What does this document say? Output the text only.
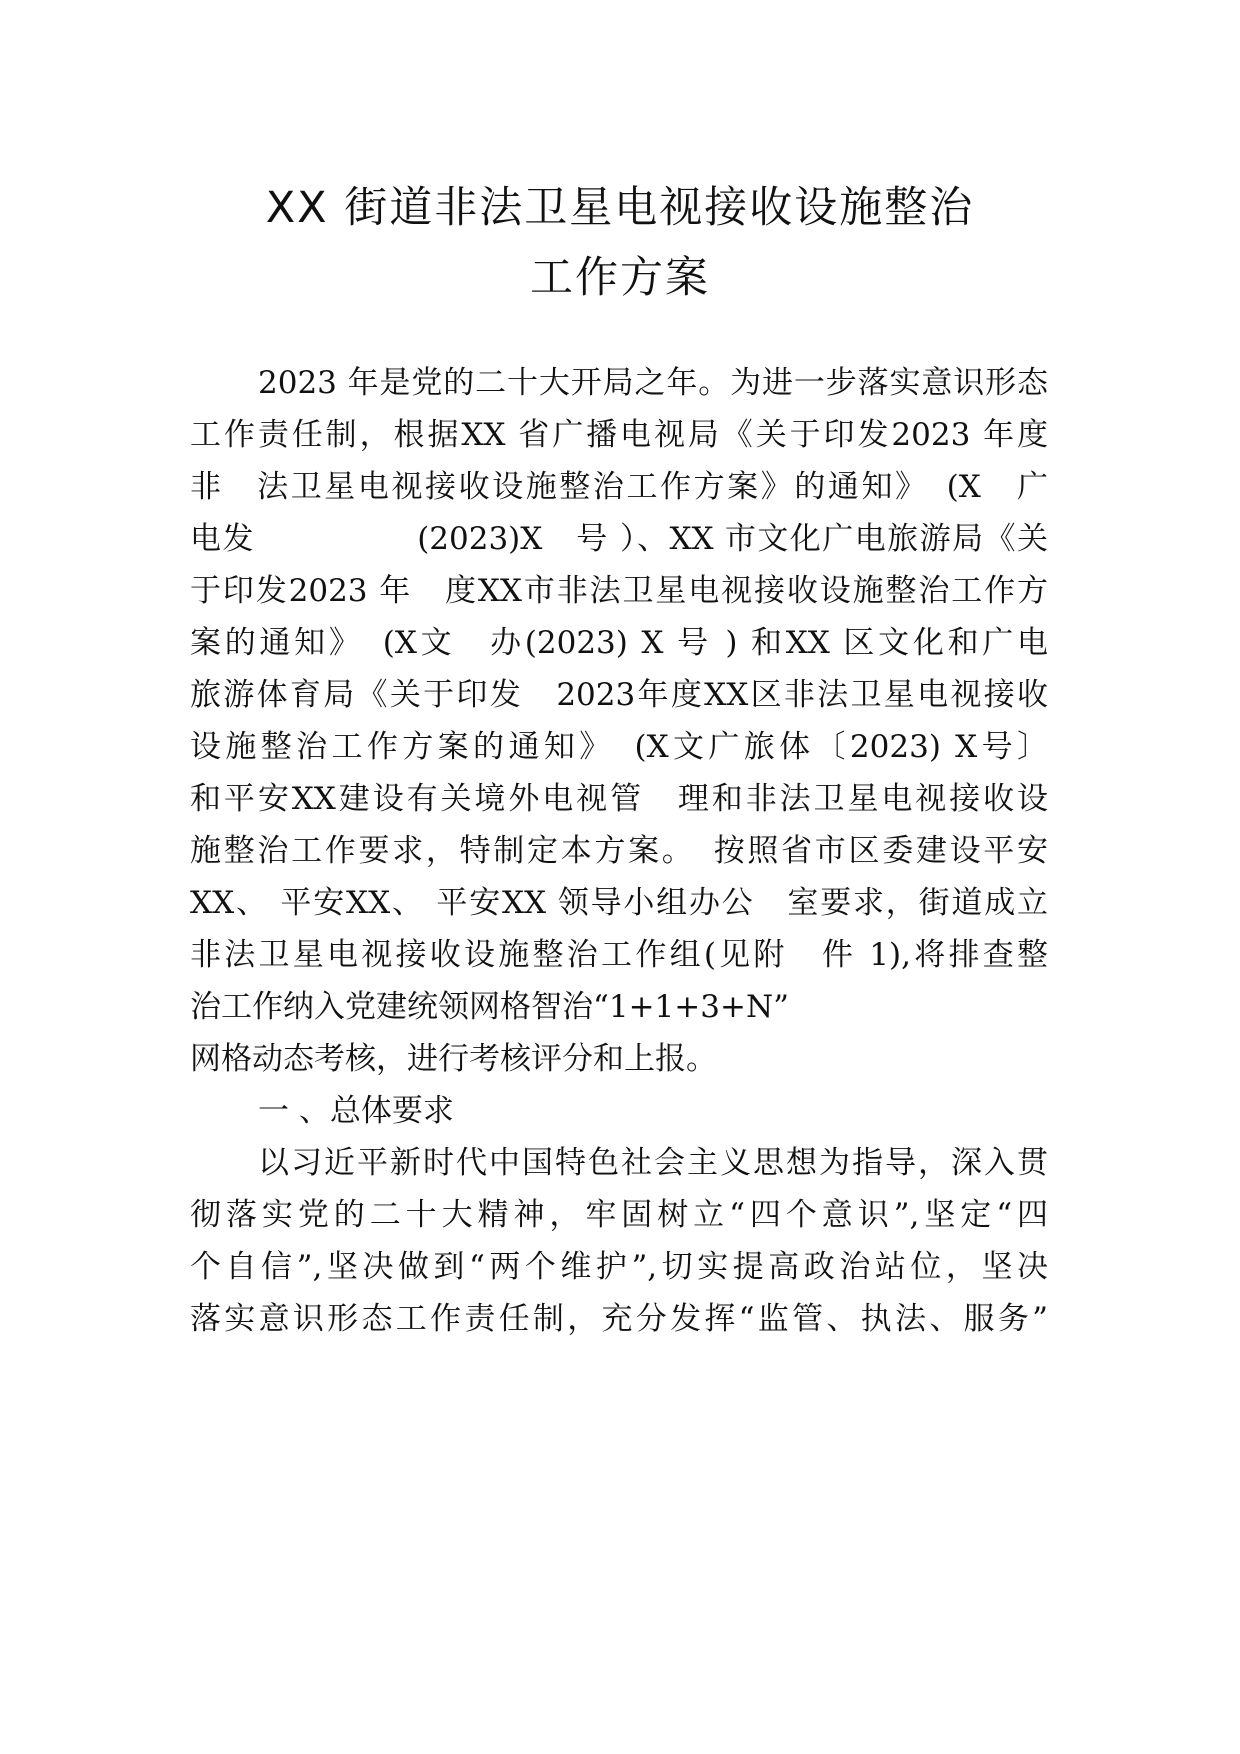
XX 街道非法卫星电视接收设施整治
工作方案
2023 年是党的二十大开局之年。为进一步落实意识形态
工作责任制，根据XX 省广播电视局《关于印发2023 年度
非　法卫星电视接收设施整治工作方案》的通知》　(X　广
电发　　　　　(2023)X　号 ）、XX 市文化广电旅游局《关
于印发2023 年　度XX市非法卫星电视接收设施整治工作方
案的通知》　(X文　办(2023) X 号 ) 和XX 区文化和广电
旅游体育局《关于印发　2023年度XX区非法卫星电视接收
设施整治工作方案的通知》　(X文广旅体〔2023) X号〕
和平安XX建设有关境外电视管　理和非法卫星电视接收设
施整治工作要求，特制定本方案。　按照省市区委建设平安
XX、 平安XX、 平安XX 领导小组办公　室要求，街道成立
非法卫星电视接收设施整治工作组(见附　件 1),将排查整
治工作纳入党建统领网格智治“1+1+3+N”
网格动态考核，进行考核评分和上报。
一 、总体要求
以习近平新时代中国特色社会主义思想为指导，深入贯
彻落实党的二十大精神，牢固树立“四个意识”,坚定“四
个自信”,坚决做到“两个维护”,切实提高政治站位，坚决
落实意识形态工作责任制，充分发挥“监管、执法、服务”
